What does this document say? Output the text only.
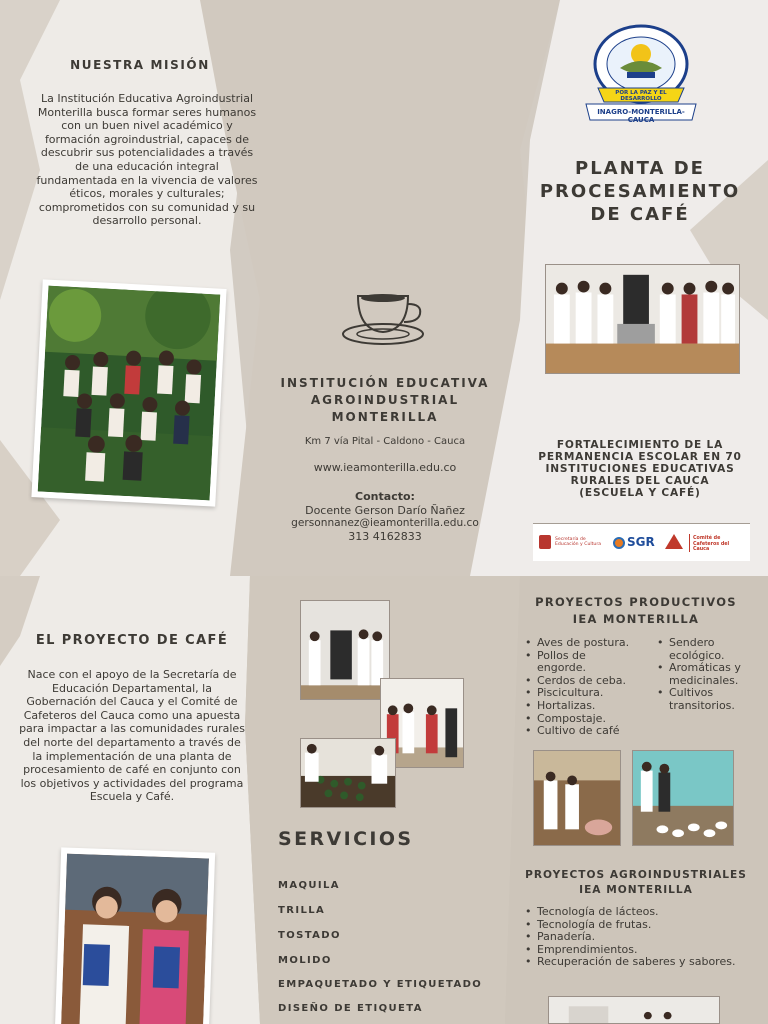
NUESTRA MISIÓN
La Institución Educativa Agroindustrial Monterilla busca formar seres humanos con un buen nivel académico y formación agroindustrial, capaces de descubrir sus potencialidades a través de una educación integral fundamentada en la vivencia de valores éticos, morales y culturales; comprometidos con su comunidad y su desarrollo personal.
POR LA PAZ Y EL DESARROLLO
INAGRO-MONTERILLA-CAUCA
PLANTA DE
PROCESAMIENTO
DE CAFÉ
INSTITUCIÓN EDUCATIVA
AGROINDUSTRIAL
MONTERILLA
Km 7 vía Pital - Caldono - Cauca
www.ieamonterilla.edu.co
Contacto:
Docente Gerson Darío Ñañez
gersonnanez@ieamonterilla.edu.co
313 4162833
FORTALECIMIENTO DE LA
PERMANENCIA ESCOLAR EN 70
INSTITUCIONES EDUCATIVAS
RURALES DEL CAUCA
(ESCUELA Y CAFÉ)
Secretaría de Educación y Cultura	SGR	Comité de Cafeteros del Cauca
EL PROYECTO DE CAFÉ
Nace con el apoyo de la Secretaría de Educación Departamental, la Gobernación del Cauca y el Comité de Cafeteros del Cauca como una apuesta para impactar a las comunidades rurales del norte del departamento a través de la implementación de una planta de procesamiento de café en conjunto con los objetivos y actividades del programa Escuela y Café.
SERVICIOS
MAQUILA
TRILLA
TOSTADO
MOLIDO
EMPAQUETADO Y ETIQUETADO
DISEÑO DE ETIQUETA
PROYECTOS PRODUCTIVOS
IEA MONTERILLA
• Aves de postura.
• Pollos de engorde.
• Cerdos de ceba.
• Piscicultura.
• Hortalizas.
• Compostaje.
• Cultivo de café
• Sendero ecológico.
• Aromáticas y medicinales.
• Cultivos transitorios.
PROYECTOS AGROINDUSTRIALES
IEA MONTERILLA
• Tecnología de lácteos.
• Tecnología de frutas.
• Panadería.
• Emprendimientos.
• Recuperación de saberes y sabores.
